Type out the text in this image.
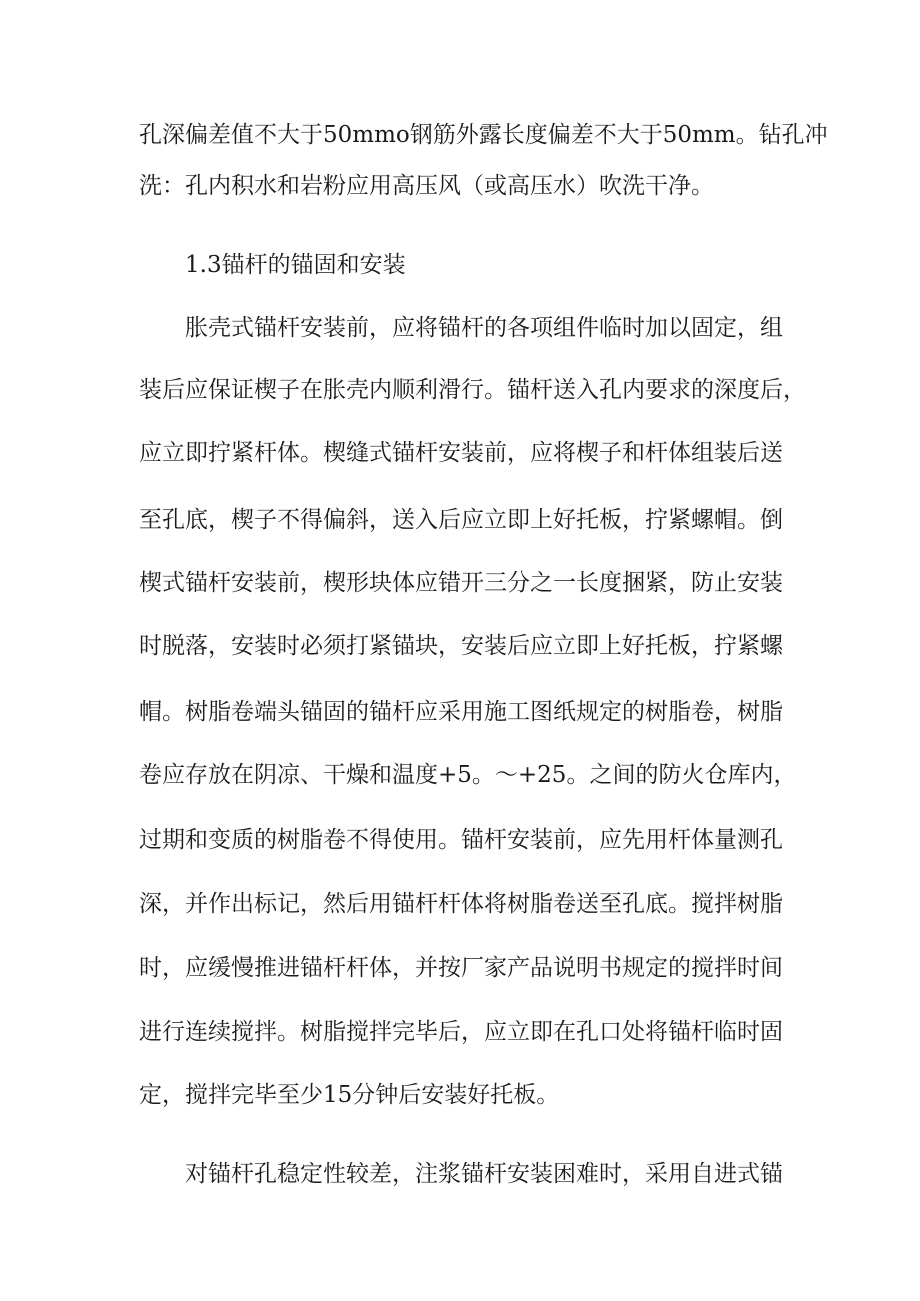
孔深偏差值不大于50mmo钢筋外露长度偏差不大于50mm。钻孔冲
洗：孔内积水和岩粉应用高压风（或高压水）吹洗干净。
1.3锚杆的锚固和安装
胀壳式锚杆安装前，应将锚杆的各项组件临时加以固定，组
装后应保证楔子在胀壳内顺利滑行。锚杆送入孔内要求的深度后，
应立即拧紧杆体。楔缝式锚杆安装前，应将楔子和杆体组装后送
至孔底，楔子不得偏斜，送入后应立即上好托板，拧紧螺帽。倒
楔式锚杆安装前，楔形块体应错开三分之一长度捆紧，防止安装
时脱落，安装时必须打紧锚块，安装后应立即上好托板，拧紧螺
帽。树脂卷端头锚固的锚杆应采用施工图纸规定的树脂卷，树脂
卷应存放在阴凉、干燥和温度+5。～+25。之间的防火仓库内，
过期和变质的树脂卷不得使用。锚杆安装前，应先用杆体量测孔
深，并作出标记，然后用锚杆杆体将树脂卷送至孔底。搅拌树脂
时，应缓慢推进锚杆杆体，并按厂家产品说明书规定的搅拌时间
进行连续搅拌。树脂搅拌完毕后，应立即在孔口处将锚杆临时固
定，搅拌完毕至少15分钟后安装好托板。
对锚杆孔稳定性较差，注浆锚杆安装困难时，采用自进式锚
